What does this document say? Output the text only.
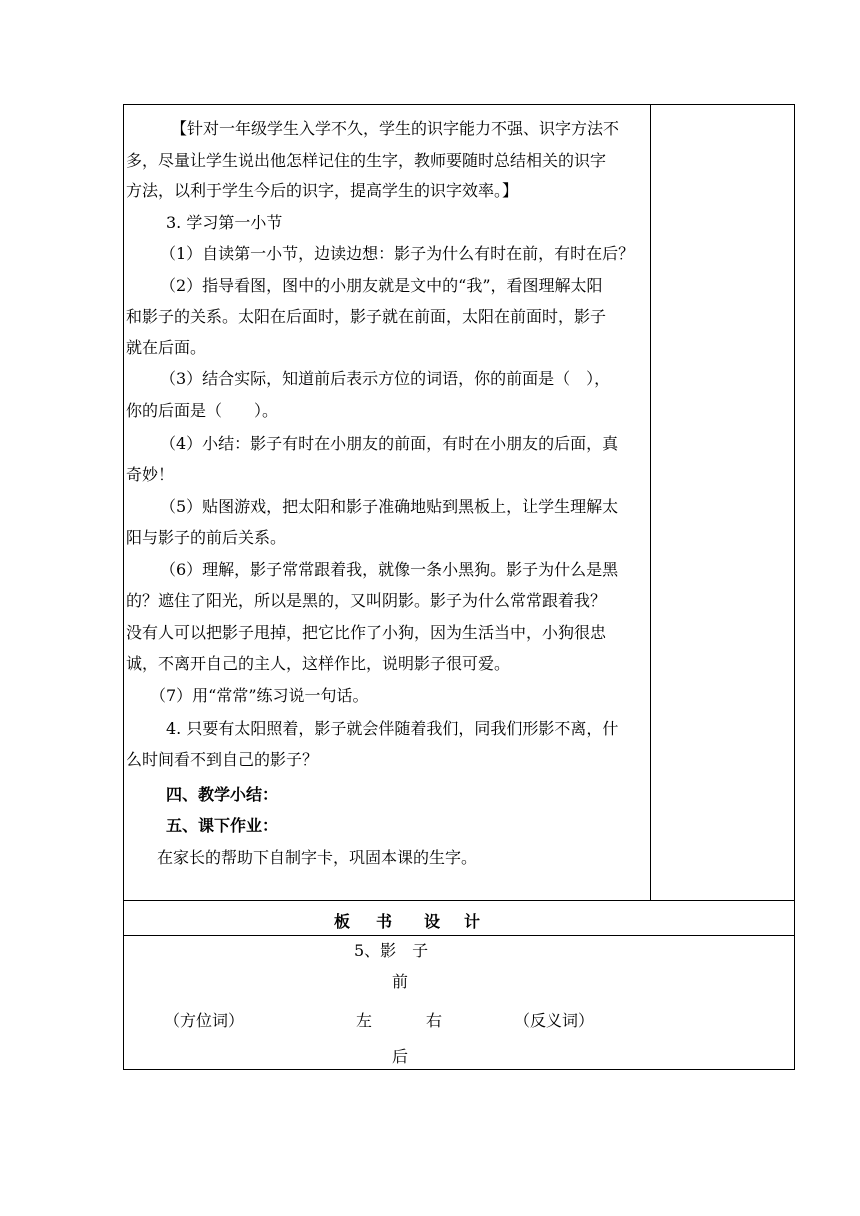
【针对一年级学生入学不久，学生的识字能力不强、识字方法不
多，尽量让学生说出他怎样记住的生字，教师要随时总结相关的识字
方法，以利于学生今后的识字，提高学生的识字效率。】
3. 学习第一小节
（1）自读第一小节，边读边想：影子为什么有时在前，有时在后？
（2）指导看图，图中的小朋友就是文中的“我”，看图理解太阳
和影子的关系。太阳在后面时，影子就在前面，太阳在前面时，影子
就在后面。
（3）结合实际，知道前后表示方位的词语，你的前面是（　），
你的后面是（　　）。
（4）小结：影子有时在小朋友的前面，有时在小朋友的后面，真
奇妙！
（5）贴图游戏，把太阳和影子准确地贴到黑板上，让学生理解太
阳与影子的前后关系。
（6）理解，影子常常跟着我，就像一条小黑狗。影子为什么是黑
的？遮住了阳光，所以是黑的，又叫阴影。影子为什么常常跟着我？
没有人可以把影子甩掉，把它比作了小狗，因为生活当中，小狗很忠
诚，不离开自己的主人，这样作比，说明影子很可爱。
（7）用“常常”练习说一句话。
4. 只要有太阳照着，影子就会伴随着我们，同我们形影不离，什
么时间看不到自己的影子？
四、教学小结：
五、课下作业：
在家长的帮助下自制字卡，巩固本课的生字。
板 书 设 计
5、影　子
前
（方位词）	左	右	（反义词）
后
